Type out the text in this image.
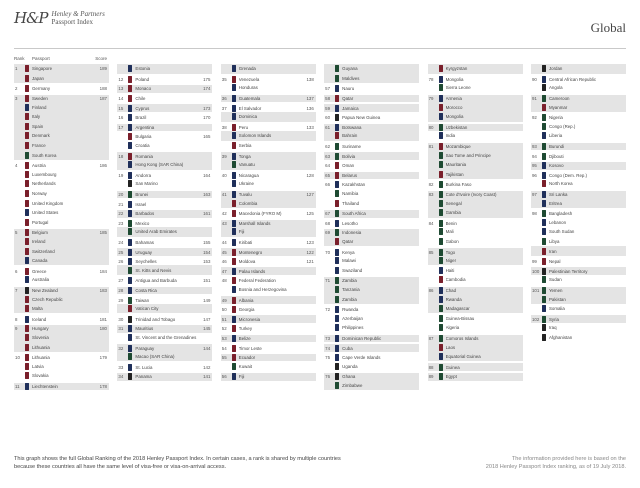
H&P Henley & Partners
Passport Index	Global
Rank Passport	Score
1	Singapore	189
Japan
2	Germany	188
3	Sweden	187
Finland
Italy
Spain
Denmark
France
South Korea
4	Austria	186
Luxembourg
Netherlands
Norway
United Kingdom
United States
Portugal
5	Belgium	185
Ireland
Switzerland
Canada
6	Greece	184
Australia
7	New Zealand	183
Czech Republic
Malta
8	Iceland	181
9	Hungary	180
Slovenia
Lithuania
10	Lithuania	179
Latvia
Slovakia
11	Liechtenstein	178
Estonia
12	Poland	175
13	Monaco	174
14	Chile
15	Cyprus	173
16	Brazil	170
17	Argentina
Bulgaria	165
Croatia
18	Romania
Hong Kong (SAR China)
19	Andorra	164
San Marino
20	Brunei	163
21	Israel
22	Barbados	161
23	Mexico
United Arab Emirates
24	Bahamas	155
25	Uruguay	154
26	Seychelles	153
St. Kitts and Nevis
27	Antigua and Barbuda	151
28	Costa Rica
29	Taiwan	149
Vatican City
30	Trinidad and Tobago	147
31	Mauritius	145
St. Vincent and the Grenadines
32	Paraguay	144
Macao (SAR China)
33	St. Lucia	142
34	Panama	141
Grenada
35	Venezuela	138
Honduras
36	Guatemala	137
37	El Salvador	136
Dominica
38	Peru	133
Solomon Islands
Serbia
39	Tonga
Vanuatu
40	Nicaragua	128
Ukraine
41	Tuvalu	127
Colombia
42	Macedonia (FYRO M)	125
43	Marshall Islands
Fiji
44	Kiribati	123
45	Montenegro	122
46	Moldova	121
47	Palau Islands
48	Federal Federation
Bosnia and Herzegovina
49	Albania
50	Georgia
51	Micronesia
52	Turkey
53	Belize
54	Timor Leste
55	Ecuador
Kuwait
56	Fiji
Guyana
Maldives
57	Nauru
58	Qatar
59	Jamaica
60	Papua New Guinea
61	Botswana
Bahrain
62	Suriname
63	Bolivia
64	Oman
65	Belarus
66	Kazakhstan
Namibia
Thailand
67	South Africa
68	Lesotho
69	Indonesia
Qatar
70	Kenya
Malawi
Swaziland
71	Zambia
Tanzania
Zambia
72	Rwanda
Azerbaijan
Philippines
73	Dominican Republic
74	Cuba
75	Cape Verde Islands
Uganda
76	Ghana
Zimbabwe
Kyrgyzstan
78	Mongolia
Sierra Leone
79	Armenia
Morocco
Mongolia
80	Uzbekistan
India
81	Mozambique
Sao Tome and Principe
Mauritania
Tajikistan
82	Burkina Faso
83	Cote d'Ivoire (Ivory Coast)
Senegal
Gambia
84	Benin
Mali
Gabon
85	Togo
Niger
Haiti
Cambodia
86	Chad
Rwanda
Madagascar
Guinea-Bissau
Algeria
87	Comoros Islands
Laos
Equatorial Guinea
88	Guinea
89	Egypt
Jordan
90	Central African Republic
Angola
91	Cameroon
Myanmar
92	Nigeria
Congo (Rep.)
Liberia
93	Burundi
94	Djibouti
95	Kosovo
96	Congo (Dem. Rep.)
North Korea
97	Sri Lanka
Eritrea
98	Bangladesh
Lebanon
South Sudan
Libya
Iran
99	Nepal
100	Palestinian Territory
Sudan
101	Yemen
Pakistan
Somalia
102	Syria
Iraq
Afghanistan
This graph shows the full Global Ranking of the 2018 Henley Passport Index. In certain cases, a rank is shared by multiple countries
because these countries all have the same level of visa-free or visa-on-arrival access.
The information provided here is based on the
2018 Henley Passport Index ranking, as of 19 July 2018.
